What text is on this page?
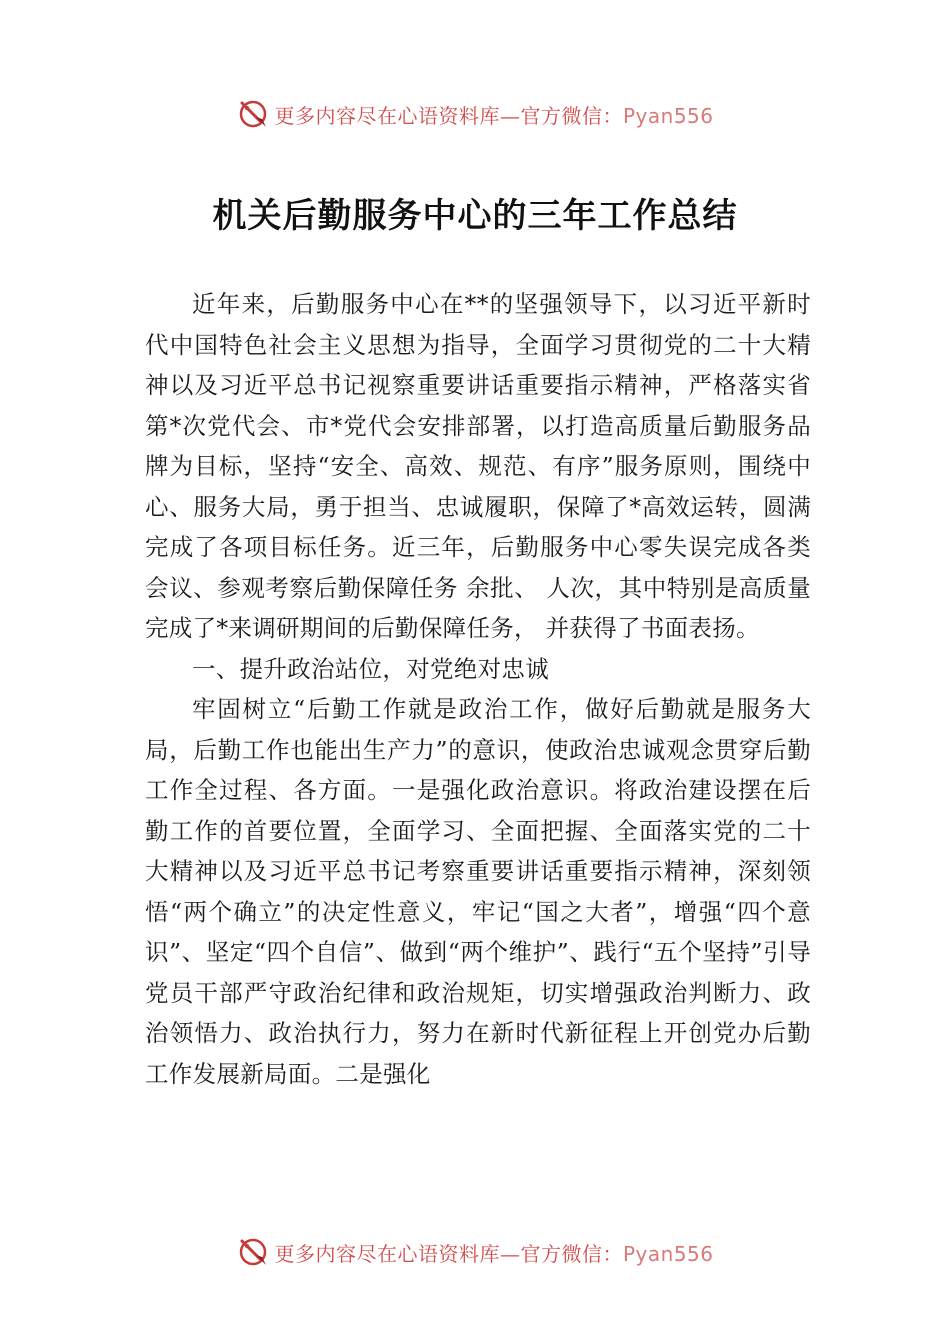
更多内容尽在心语资料库—官方微信：Pyan556
机关后勤服务中心的三年工作总结

近年来，后勤服务中心在**的坚强领导下，以习近平新时代中国特色社会主义思想为指导，全面学习贯彻党的二十大精神以及习近平总书记视察重要讲话重要指示精神，严格落实省第*次党代会、市*党代会安排部署，以打造高质量后勤服务品牌为目标，坚持“安全、高效、规范、有序”服务原则，围绕中心、服务大局，勇于担当、忠诚履职，保障了*高效运转，圆满完成了各项目标任务。近三年，后勤服务中心零失误完成各类会议、参观考察后勤保障任务 余批、 人次，其中特别是高质量完成了*来调研期间的后勤保障任务， 并获得了书面表扬。

一、提升政治站位，对党绝对忠诚

牢固树立“后勤工作就是政治工作，做好后勤就是服务大局，后勤工作也能出生产力”的意识，使政治忠诚观念贯穿后勤工作全过程、各方面。一是强化政治意识。将政治建设摆在后勤工作的首要位置，全面学习、全面把握、全面落实党的二十大精神以及习近平总书记考察重要讲话重要指示精神，深刻领悟“两个确立”的决定性意义，牢记“国之大者”，增强“四个意识”、坚定“四个自信”、做到“两个维护”、践行“五个坚持”引导党员干部严守政治纪律和政治规矩，切实增强政治判断力、政治领悟力、政治执行力，努力在新时代新征程上开创党办后勤工作发展新局面。二是强化

更多内容尽在心语资料库—官方微信：Pyan556
